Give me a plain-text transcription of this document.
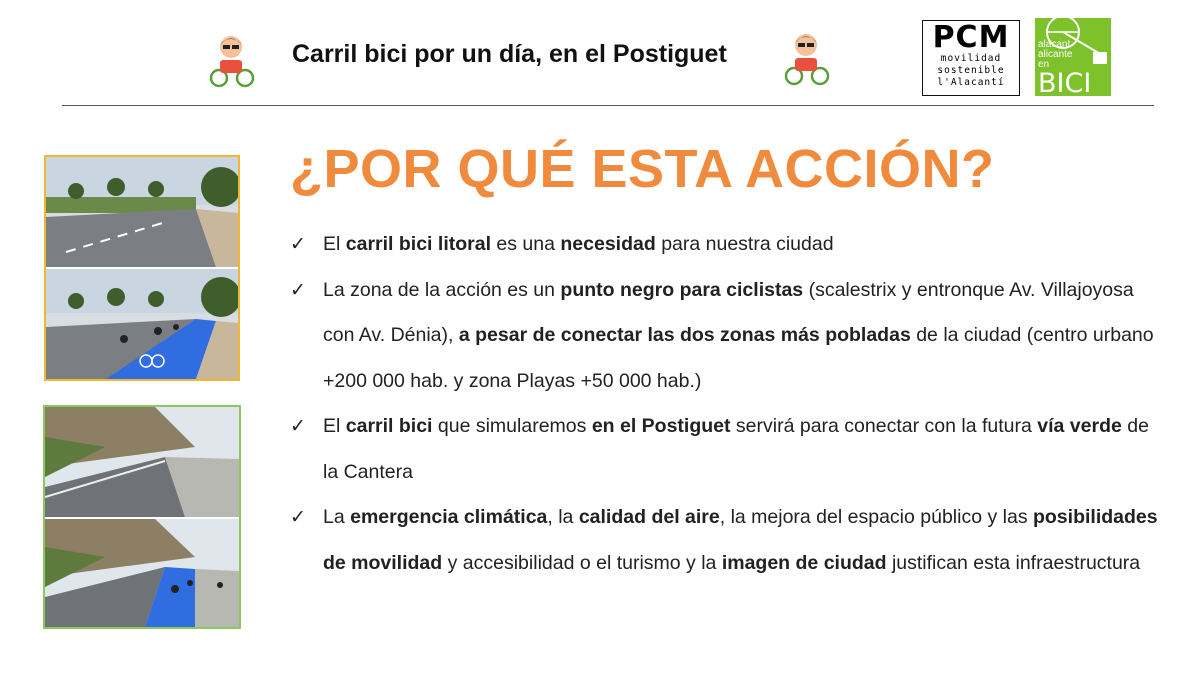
Carril bici por un día, en el Postiguet	PCM
movilidad
sostenible
l'Alacantí
alacant
alicante
en
BICI
¿POR QUÉ ESTA ACCIÓN?
✓ El carril bici litoral es una necesidad para nuestra ciudad
✓ La zona de la acción es un punto negro para ciclistas (scalestrix y entronque Av. Villajoyosa con Av. Dénia), a pesar de conectar las dos zonas más pobladas de la ciudad (centro urbano +200 000 hab. y zona Playas +50 000 hab.)
✓ El carril bici que simularemos en el Postiguet servirá para conectar con la futura vía verde de la Cantera
✓ La emergencia climática, la calidad del aire, la mejora del espacio público y las posibilidades de movilidad y accesibilidad o el turismo y la imagen de ciudad justifican esta infraestructura
